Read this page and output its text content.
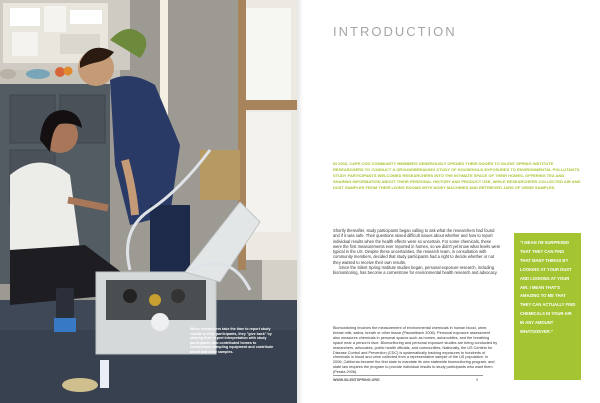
When researchers take the time to report study results to their participants, they "give back" by sharing their expert interpretation with study participants who contributed homes to contaminant sampling equipment and contribute blood and urine samples.
INTRODUCTION
IN 2003, CAPE COD COMMUNITY MEMBERS GENEROUSLY OPENED THEIR DOORS TO SILENT SPRING INSTITUTE RESEARCHERS TO CONDUCT A GROUNDBREAKING STUDY OF HOUSEHOLD EXPOSURES TO ENVIRONMENTAL POLLUTANTS. STUDY PARTICIPANTS WELCOMED RESEARCHERS INTO THE INTIMATE SPACE OF THEIR HOMES, OFFERING TEA AND SHARING INFORMATION ABOUT THEIR PERSONAL HISTORY AND PRODUCT USE, WHILE RESEARCHERS COLLECTED AIR AND DUST SAMPLES FROM THEIR LIVING ROOMS WITH NOISY MACHINES AND RETRIEVED JARS OF URINE SAMPLES.

Shortly thereafter, study participants began calling to ask what the researchers had found and if it was safe. Their questions raised difficult issues about whether and how to report individual results when the health effects were so uncertain. For some chemicals, these were the first measurements ever reported in homes, so we didn't yet know what levels were typical in the US. Despite these uncertainties, the research team, in consultation with community members, decided that study participants had a right to decide whether or not they wanted to receive their own results.

Since the Silent Spring Institute studies began, personal exposure research, including biomonitoring, has become a cornerstone for environmental health research and advocacy.

Biomonitoring involves the measurement of environmental chemicals in human blood, urine, breast milk, saliva, breath or other tissue (Pauwelbach 2006). Personal exposure assessment also measures chemicals in personal spaces such as homes, automobiles, and the breathing space near a person's face. Biomonitoring and personal exposure studies are being conducted by researchers, advocates, public health officials, and communities. Nationally, the US Centers for Disease Control and Prevention (CDC) is systematically tracking exposures to hundreds of chemicals in blood and urine collected from a representative sample of the US population. In 2006, California became the first state to mandate its own statewide biomonitoring program, and state law requires the program to provide individual results to study participants who want them (Perata 2006).

"I MEAN I'M SURPRISED THAT THEY CAN FIND THAT MANY THINGS BY LOOKING AT YOUR DUST AND LOOKING AT YOUR AIR. I MEAN THAT'S AMAZING TO ME THAT THEY CAN ACTUALLY FIND CHEMICALS IN YOUR AIR IN ANY AMOUNT WHATSOEVER."
WWW.SILENTSPRING.ORG	9
